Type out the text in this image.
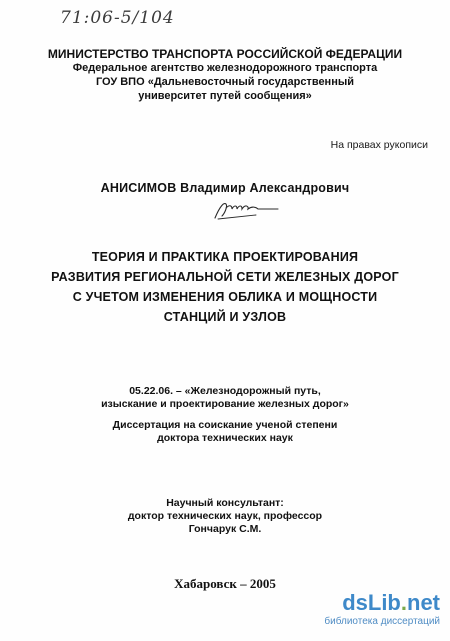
71:06-5/104
МИНИСТЕРСТВО ТРАНСПОРТА РОССИЙСКОЙ ФЕДЕРАЦИИ
Федеральное агентство железнодорожного транспорта
ГОУ ВПО «Дальневосточный государственный
университет путей сообщения»
На правах рукописи
АНИСИМОВ Владимир Александрович
ТЕОРИЯ И ПРАКТИКА ПРОЕКТИРОВАНИЯ
РАЗВИТИЯ РЕГИОНАЛЬНОЙ СЕТИ ЖЕЛЕЗНЫХ ДОРОГ
С УЧЕТОМ ИЗМЕНЕНИЯ ОБЛИКА И МОЩНОСТИ
СТАНЦИЙ И УЗЛОВ
05.22.06. – «Железнодорожный путь,
изыскание и проектирование железных дорог»
Диссертация на соискание ученой степени
доктора технических наук
Научный консультант:
доктор технических наук, профессор
Гончарук С.М.
Хабаровск – 2005
dsLib.net
библиотека диссертаций
